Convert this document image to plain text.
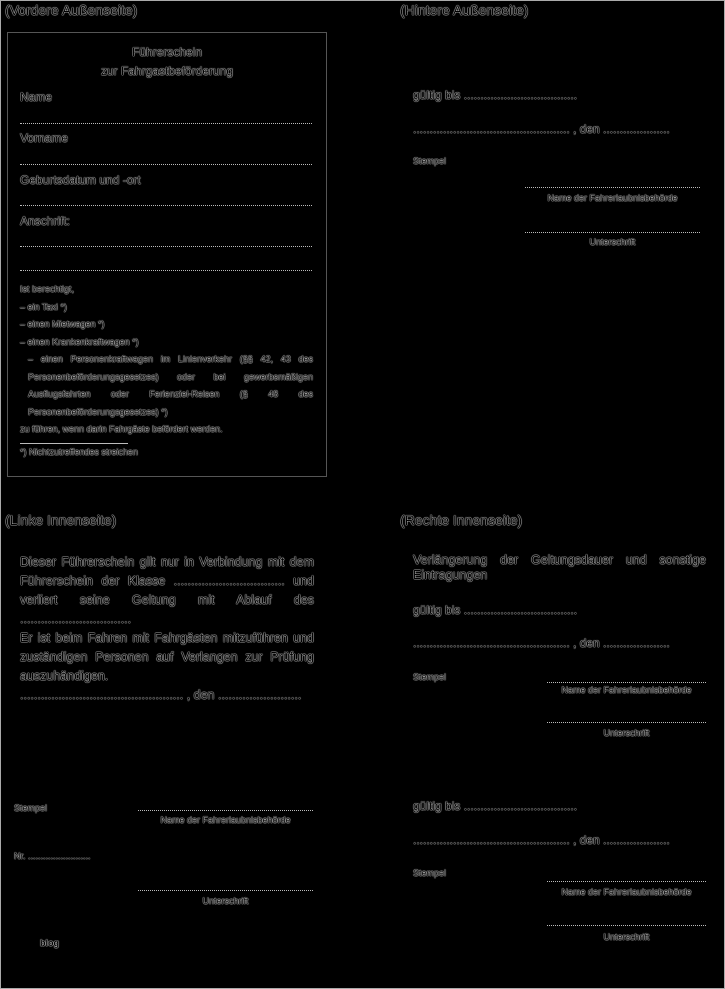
(Vordere Außenseite)
Führerschein
zur Fahrgastbeförderung
Name
Vorname
Geburtsdatum und -ort
Anschrift:
Ist berechtigt,
– ein Taxi *)
– einen Mietwagen *)
– einen Krankenkraftwagen *)
– einen Personenkraftwagen im Linienverkehr (§§ 42, 43 des Personenbeförderungsgesetzes) oder bei gewerbsmäßigen Ausflugsfahrten oder Ferienziel-Reisen (§ 48 des Personenbeförderungsgesetzes) *)
zu führen, wenn darin Fahrgäste befördert werden.
*) Nichtzutreffendes streichen
(Hintere Außenseite)
gültig bis ..................................
............................................... , den ....................
Stempel
Name der Fahrerlaubnisbehörde
Unterschrift
(Linke Innenseite)
Dieser Führerschein gilt nur in Verbindung mit dem Führerschein der Klasse ................................ und verliert seine Geltung mit Ablauf des ................................
Er ist beim Fahren mit Fahrgästen mitzuführen und zuständigen Personen auf Verlangen zur Prüfung auszuhändigen.
............................................... , den ........................
Stempel
Name der Fahrerlaubnisbehörde
Nr. .........................
Unterschrift
blog
(Rechte Innenseite)
Verlängerung der Geltungsdauer und sonstige Eintragungen
gültig bis ..................................
............................................... , den ....................
Stempel
Name der Fahrerlaubnisbehörde
Unterschrift
gültig bis ..................................
............................................... , den ....................
Stempel
Name der Fahrerlaubnisbehörde
Unterschrift
